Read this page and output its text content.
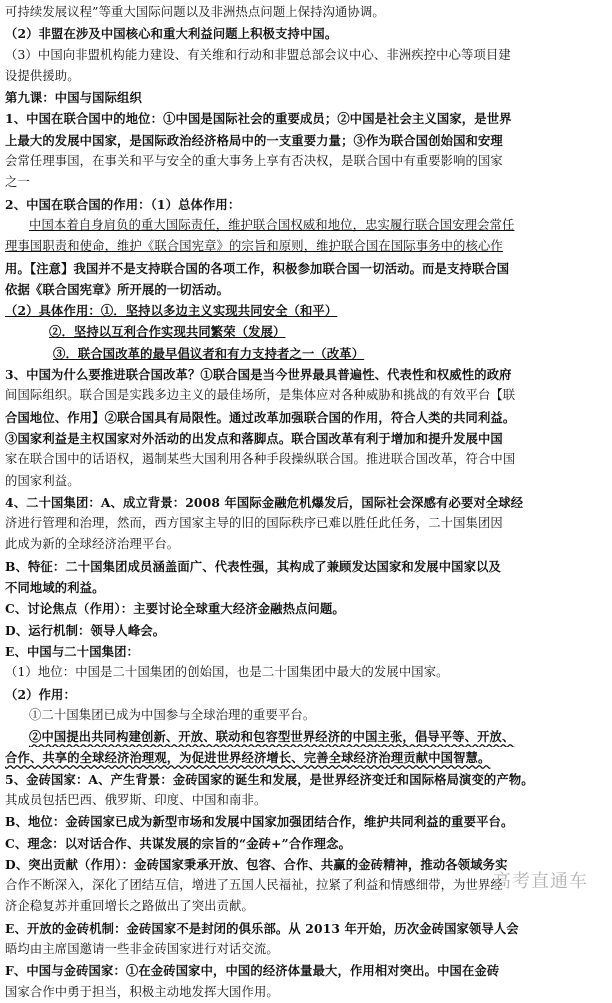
可持续发展议程”等重大国际问题以及非洲热点问题上保持沟通协调。
（2）非盟在涉及中国核心和重大利益问题上积极支持中国。
（3）中国向非盟机构能力建设、有关维和行动和非盟总部会议中心、非洲疾控中心等项目建
设提供援助。
第九课：中国与国际组织
1、中国在联合国中的地位：①中国是国际社会的重要成员；②中国是社会主义国家，是世界
上最大的发展中国家，是国际政治经济格局中的一支重要力量；③作为联合国创始国和安理
会常任理事国，在事关和平与安全的重大事务上享有否决权，是联合国中有重要影响的国家
之一
2、中国在联合国的作用：（1）总体作用：
中国本着自身肩负的重大国际责任，维护联合国权威和地位，忠实履行联合国安理会常任
理事国职责和使命，维护《联合国宪章》的宗旨和原则，维护联合国在国际事务中的核心作
用。【注意】我国并不是支持联合国的各项工作，积极参加联合国一切活动。而是支持联合国
依据《联合国宪章》所开展的一切活动。
（2）具体作用：①．坚持以多边主义实现共同安全（和平）
②．坚持以互利合作实现共同繁荣（发展）
③．联合国改革的最早倡议者和有力支持者之一（改革）
3、中国为什么要推进联合国改革？①联合国是当今世界最具普遍性、代表性和权威性的政府
间国际组织。联合国是实践多边主义的最佳场所，是集体应对各种威胁和挑战的有效平台【联
合国地位、作用】②联合国具有局限性。通过改革加强联合国的作用，符合人类的共同利益。
③国家利益是主权国家对外活动的出发点和落脚点。联合国改革有利于增加和提升发展中国
家在联合国中的话语权，遏制某些大国利用各种手段操纵联合国。推进联合国改革，符合中国
的国家利益。
4、二十国集团：A、成立背景：2008 年国际金融危机爆发后，国际社会深感有必要对全球经
济进行管理和治理，然而，西方国家主导的旧的国际秩序已难以胜任此任务，二十国集团因
此成为新的全球经济治理平台。
B、特征：二十国集团成员涵盖面广、代表性强，其构成了兼顾发达国家和发展中国家以及
不同地域的利益。
C、讨论焦点（作用）：主要讨论全球重大经济金融热点问题。
D、运行机制：领导人峰会。
E、中国与二十国集团：
（1）地位：中国是二十国集团的创始国，也是二十国集团中最大的发展中国家。
（2）作用：
①二十国集团已成为中国参与全球治理的重要平台。
②中国提出共同构建创新、开放、联动和包容型世界经济的中国主张，倡导平等、开放、
合作、共享的全球经济治理观，为促进世界经济增长、完善全球经济治理贡献中国智慧。
5、金砖国家：A、产生背景：金砖国家的诞生和发展，是世界经济变迁和国际格局演变的产物。
其成员包括巴西、俄罗斯、印度、中国和南非。
B、地位：金砖国家已成为新型市场和发展中国家加强团结合作，维护共同利益的重要平台。
C、理念：以对话合作、共谋发展的宗旨的“金砖+”合作理念。
D、突出贡献（作用）：金砖国家秉承开放、包容、合作、共赢的金砖精神，推动各领域务实
合作不断深入，深化了团结互信，增进了五国人民福祉，拉紧了利益和情感细带，为世界经
济企稳复苏并重回增长之路做出了突出贡献。
E、开放的金砖机制：金砖国家不是封闭的俱乐部。从 2013 年开始，历次金砖国家领导人会
晤均由主席国邀请一些非金砖国家进行对话交流。
F、中国与金砖国家：①在金砖国家中，中国的经济体量最大，作用相对突出。中国在金砖
国家合作中勇于担当，积极主动地发挥大国作用。
高考直通车
